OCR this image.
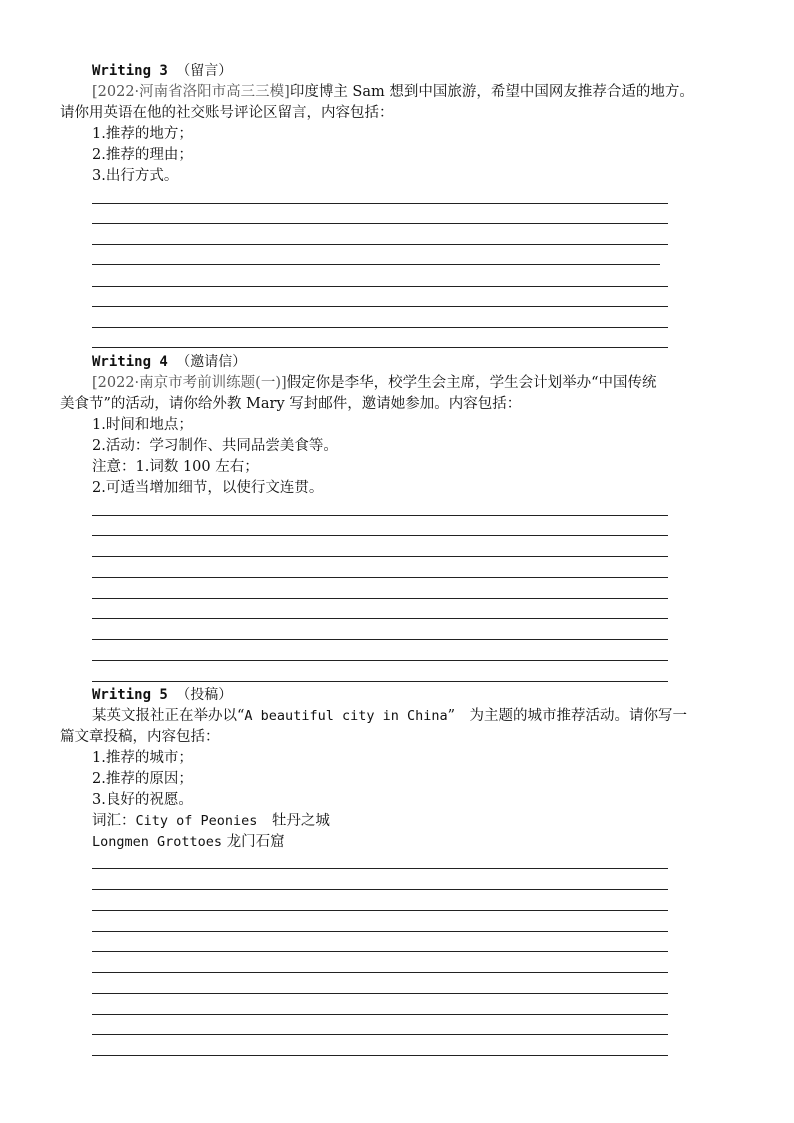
Writing 3 （留言）
[2022·河南省洛阳市高三三模]印度博主 Sam 想到中国旅游，希望中国网友推荐合适的地方。
请你用英语在他的社交账号评论区留言，内容包括：
1.推荐的地方；
2.推荐的理由；
3.出行方式。
Writing 4 （邀请信）
[2022·南京市考前训练题(一)]假定你是李华，校学生会主席，学生会计划举办“中国传统
美食节”的活动，请你给外教 Mary 写封邮件，邀请她参加。内容包括：
1.时间和地点；
2.活动：学习制作、共同品尝美食等。
注意：1.词数 100 左右；
2.可适当增加细节，以使行文连贯。
Writing 5 （投稿）
某英文报社正在举办以“A beautiful city in China”　为主题的城市推荐活动。请你写一
篇文章投稿，内容包括：
1.推荐的城市；
2.推荐的原因；
3.良好的祝愿。
词汇：City of Peonies　 牡丹之城
Longmen Grottoes 龙门石窟
